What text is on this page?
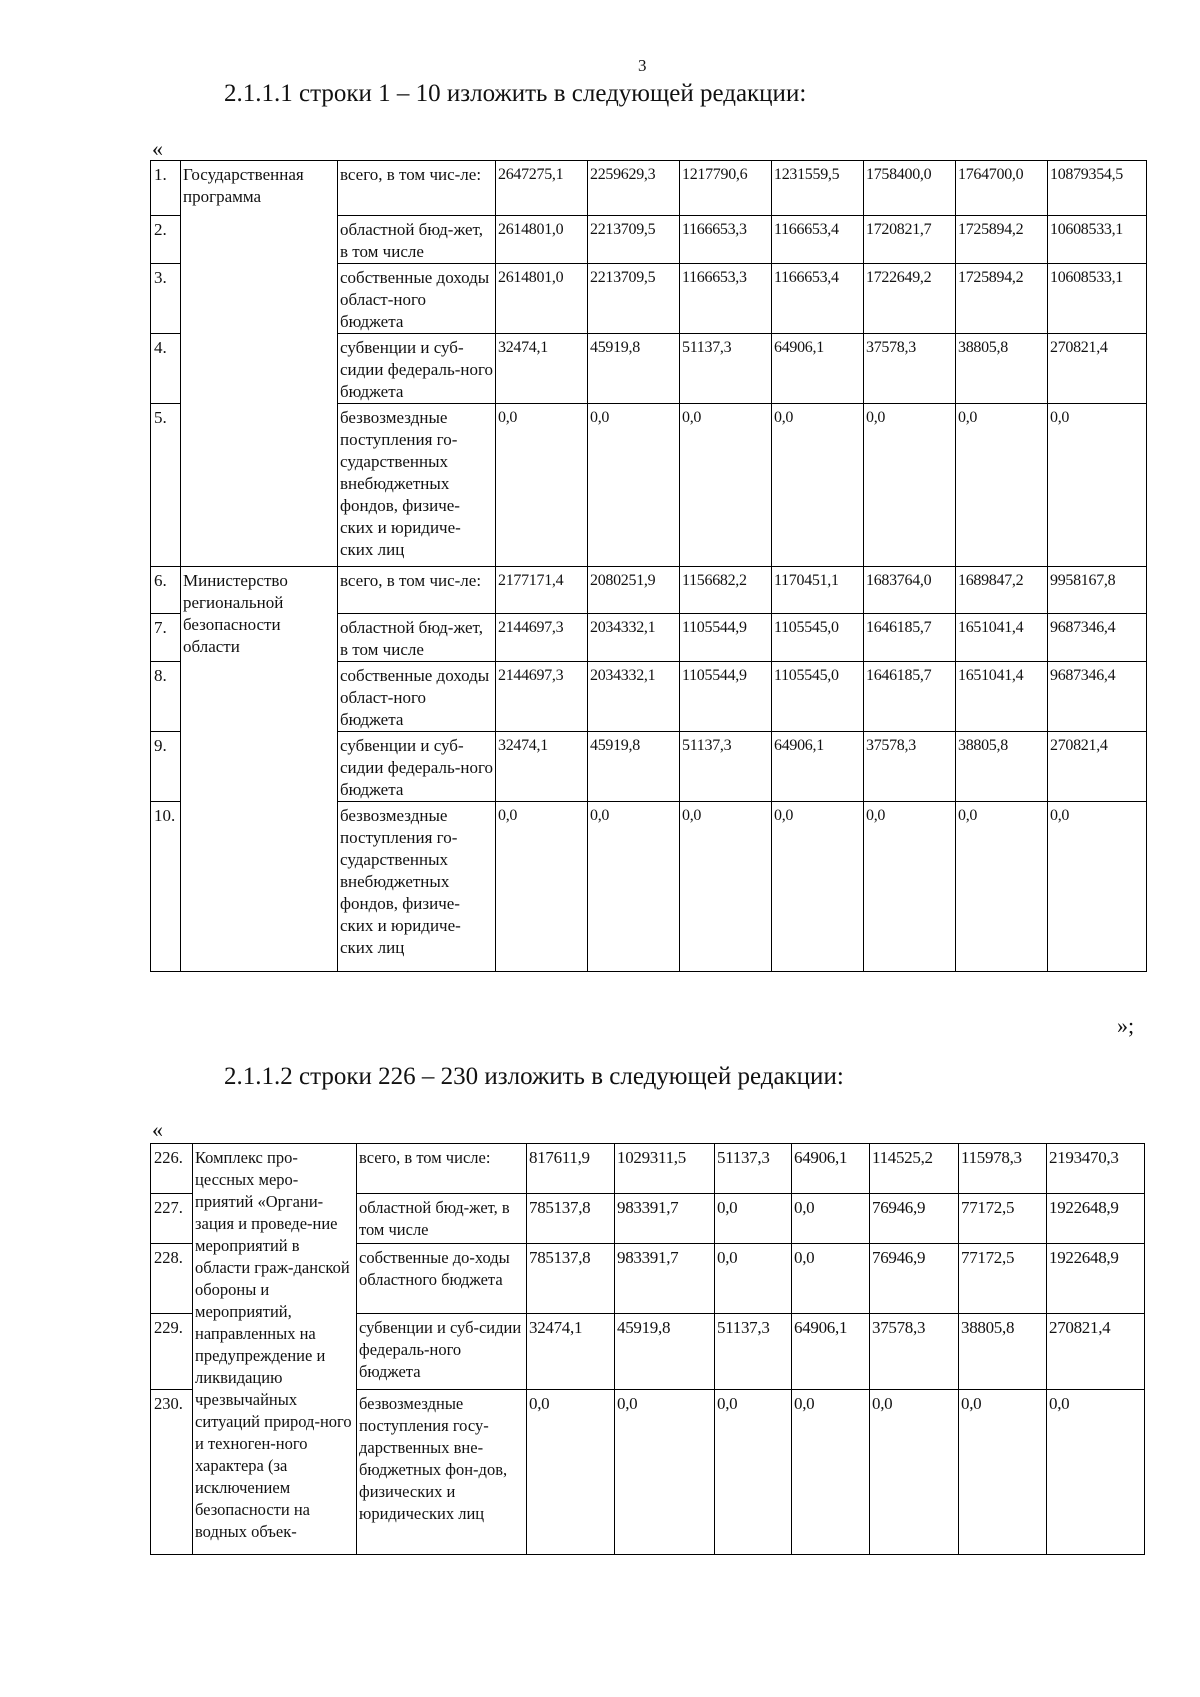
3
2.1.1.1 строки 1 – 10 изложить в следующей редакции:
«
1.	Государственная программа	всего, в том чис-ле:	2647275,1	2259629,3	1217790,6	1231559,5	1758400,0	1764700,0	10879354,5
2.		областной бюд-жет, в том числе	2614801,0	2213709,5	1166653,3	1166653,4	1720821,7	1725894,2	10608533,1
3.		собственные доходы област-ного бюджета	2614801,0	2213709,5	1166653,3	1166653,4	1722649,2	1725894,2	10608533,1
4.		субвенции и суб-сидии федераль-ного бюджета	32474,1	45919,8	51137,3	64906,1	37578,3	38805,8	270821,4
5.		безвозмездные поступления го-сударственных внебюджетных фондов, физиче-ских и юридиче-ских лиц	0,0	0,0	0,0	0,0	0,0	0,0	0,0
6.	Министерство региональной безопасности области	всего, в том чис-ле:	2177171,4	2080251,9	1156682,2	1170451,1	1683764,0	1689847,2	9958167,8
7.		областной бюд-жет, в том числе	2144697,3	2034332,1	1105544,9	1105545,0	1646185,7	1651041,4	9687346,4
8.		собственные доходы област-ного бюджета	2144697,3	2034332,1	1105544,9	1105545,0	1646185,7	1651041,4	9687346,4
9.		субвенции и суб-сидии федераль-ного бюджета	32474,1	45919,8	51137,3	64906,1	37578,3	38805,8	270821,4
10.		безвозмездные поступления го-сударственных внебюджетных фондов, физиче-ских и юридиче-ских лиц	0,0	0,0	0,0	0,0	0,0	0,0	0,0
»;
2.1.1.2 строки 226 – 230 изложить в следующей редакции:
«
226.	Комплекс про-цессных меро-приятий «Органи-зация и проведе-ние мероприятий в области граж-данской обороны и мероприятий, направленных на предупреждение и ликвидацию чрезвычайных ситуаций природ-ного и техноген-ного характера (за исключением безопасности на водных объек-	всего, в том числе:	817611,9	1029311,5	51137,3	64906,1	114525,2	115978,3	2193470,3
227.		областной бюд-жет, в том числе	785137,8	983391,7	0,0	0,0	76946,9	77172,5	1922648,9
228.		собственные до-ходы областного бюджета	785137,8	983391,7	0,0	0,0	76946,9	77172,5	1922648,9
229.		субвенции и суб-сидии федераль-ного бюджета	32474,1	45919,8	51137,3	64906,1	37578,3	38805,8	270821,4
230.		безвозмездные поступления госу-дарственных вне-бюджетных фон-дов, физических и юридических лиц	0,0	0,0	0,0	0,0	0,0	0,0	0,0
